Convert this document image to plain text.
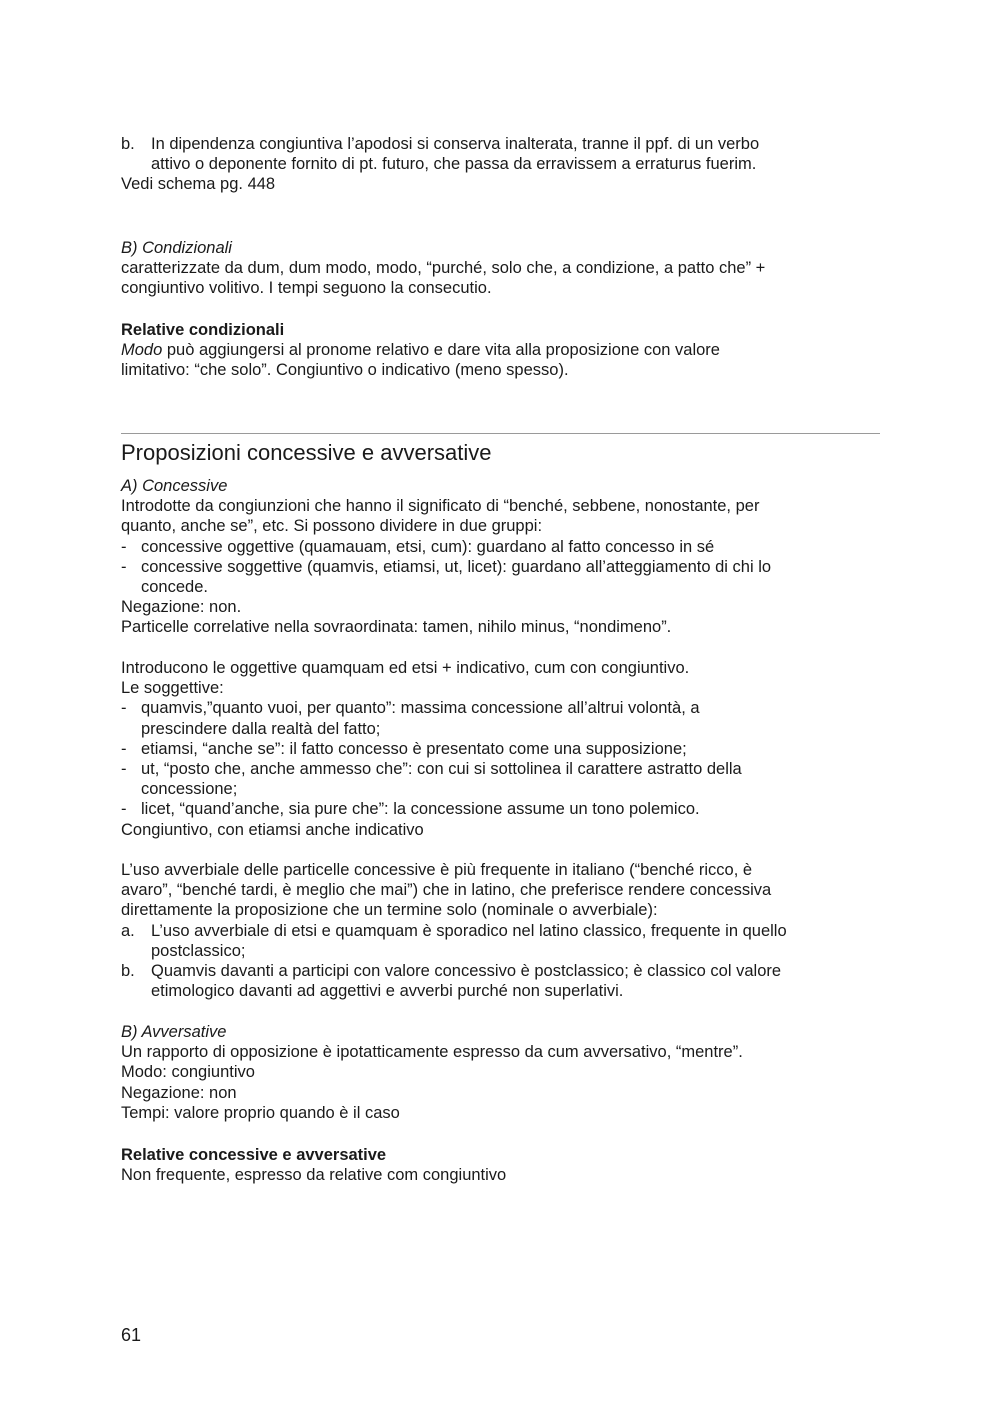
b. In dipendenza congiuntiva l’apodosi si conserva inalterata, tranne il ppf. di un verbo
attivo o deponente fornito di pt. futuro, che passa da erravissem a erraturus fuerim.
Vedi schema pg. 448
B) Condizionali
caratterizzate da dum, dum modo, modo, “purché, solo che, a condizione, a patto che” +
congiuntivo volitivo. I tempi seguono la consecutio.
Relative condizionali
Modo può aggiungersi al pronome relativo e dare vita alla proposizione con valore
limitativo: “che solo”. Congiuntivo o indicativo (meno spesso).
Proposizioni concessive e avversative
A) Concessive
Introdotte da congiunzioni che hanno il significato di “benché, sebbene, nonostante, per
quanto, anche se”, etc. Si possono dividere in due gruppi:
- concessive oggettive (quamauam, etsi, cum): guardano al fatto concesso in sé
- concessive soggettive (quamvis, etiamsi, ut, licet): guardano all’atteggiamento di chi lo
concede.
Negazione: non.
Particelle correlative nella sovraordinata: tamen, nihilo minus, “nondimeno”.
Introducono le oggettive quamquam ed etsi + indicativo, cum con congiuntivo.
Le soggettive:
- quamvis,”quanto vuoi, per quanto”: massima concessione all’altrui volontà, a
prescindere dalla realtà del fatto;
- etiamsi, “anche se”: il fatto concesso è presentato come una supposizione;
- ut, “posto che, anche ammesso che”: con cui si sottolinea il carattere astratto della
concessione;
- licet, “quand’anche, sia pure che”: la concessione assume un tono polemico.
Congiuntivo, con etiamsi anche indicativo
L’uso avverbiale delle particelle concessive è più frequente in italiano (“benché ricco, è
avaro”, “benché tardi, è meglio che mai”) che in latino, che preferisce rendere concessiva
direttamente la proposizione che un termine solo (nominale o avverbiale):
a. L’uso avverbiale di etsi e quamquam è sporadico nel latino classico, frequente in quello
postclassico;
b. Quamvis davanti a participi con valore concessivo è postclassico; è classico col valore
etimologico davanti ad aggettivi e avverbi purché non superlativi.
B) Avversative
Un rapporto di opposizione è ipotatticamente espresso da cum avversativo, “mentre”.
Modo: congiuntivo
Negazione: non
Tempi: valore proprio quando è il caso
Relative concessive e avversative
Non frequente, espresso da relative com congiuntivo
61
